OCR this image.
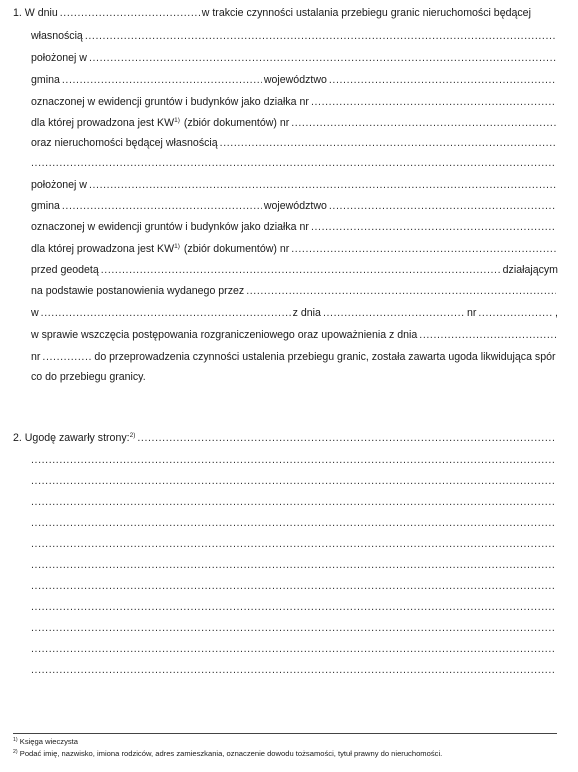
1. W dniu .....	w trakcie czynności ustalania przebiegu granic nieruchomości będącej
własnością
.....
położonej w
.....
gmina .....	województwo
.....
oznaczonej w ewidencji gruntów i budynków jako działka nr
.....
dla której prowadzona jest KW$^{1)}$ (zbiór dokumentów) nr
.....
oraz nieruchomości będącej własnością
.....
.....
położonej w
.....
gmina .....	województwo
.....
oznaczonej w ewidencji gruntów i budynków jako działka nr
.....
dla której prowadzona jest KW$^{1)}$ (zbiór dokumentów) nr
.....
przed geodetą .....	działającym
na podstawie postanowienia wydanego przez
.....
w .....	z dnia .....	nr .....	,
w sprawie wszczęcia postępowania rozgraniczeniowego oraz upoważnienia z dnia
.....
nr .....	do przeprowadzenia czynności ustalenia przebiegu granic, została zawarta ugoda likwidująca spór
co do przebiegu granicy.
2. Ugodę zawarły strony:$^{2)}$
.....
.....
.....
.....
.....
.....
.....
.....
.....
.....
.....
.....
$^{1)}$ Księga wieczysta
$^{2)}$ Podać imię, nazwisko, imiona rodziców, adres zamieszkania, oznaczenie dowodu tożsamości, tytuł prawny do nieruchomości.
